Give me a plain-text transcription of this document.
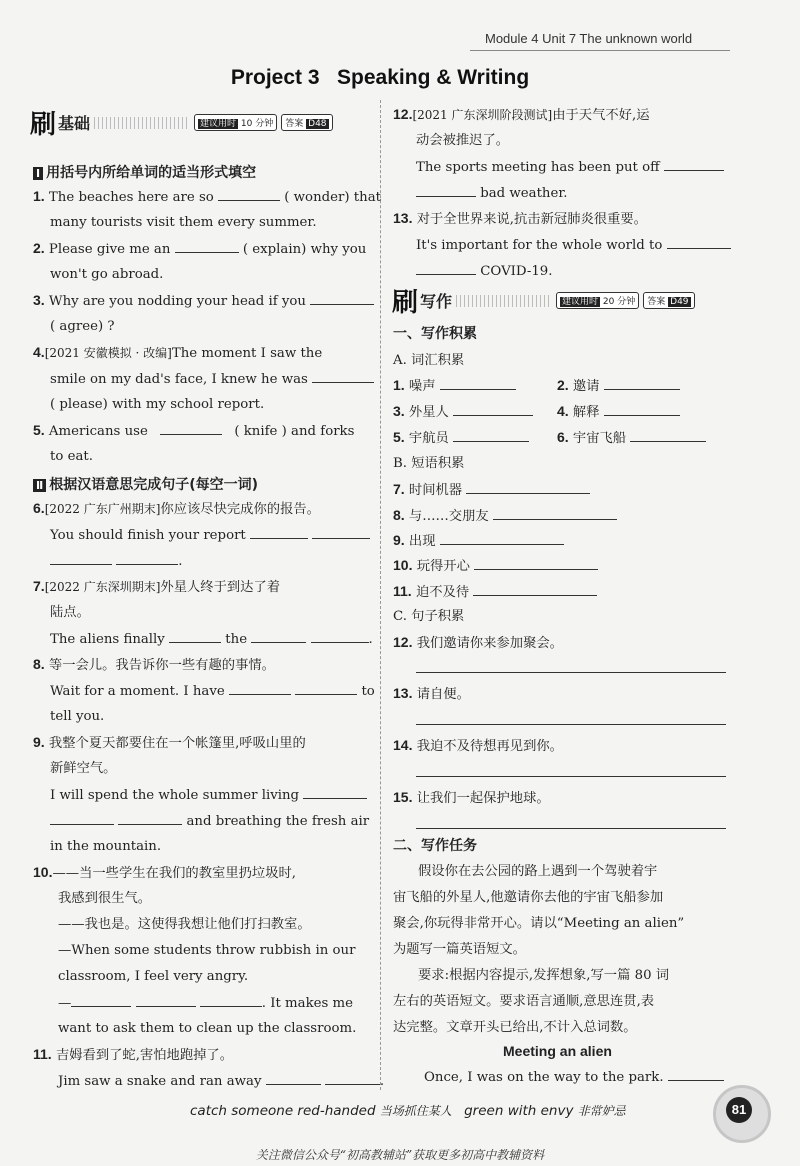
Module 4 Unit 7 The unknown world
Project 3   Speaking & Writing
刷 基础	建议用时 10 分钟	答案 D48
Ⅰ 用括号内所给单词的适当形式填空
1. The beaches here are so	( wonder) that
many tourists visit them every summer.
2. Please give me an	( explain) why you
won't go abroad.
3. Why are you nodding your head if you
( agree) ?
4.[2021 安徽模拟 · 改编]The moment I saw the
smile on my dad's face, I knew he was
( please) with my school report.
5. Americans use	( knife ) and forks
to eat.
Ⅱ 根据汉语意思完成句子(每空一词)
6.[2022 广东广州期末]你应该尽快完成你的报告。
You should finish your report
.
7.[2022 广东深圳期末]外星人终于到达了着
陆点。
The aliens finally	the	.
8. 等一会儿。我告诉你一些有趣的事情。
Wait for a moment. I have	to
tell you.
9. 我整个夏天都要住在一个帐篷里,呼吸山里的
新鲜空气。
I will spend the whole summer living
and breathing the fresh air
in the mountain.
10.——当一些学生在我们的教室里扔垃圾时,
我感到很生气。
——我也是。这使得我想让他们打扫教室。
—When some students throw rubbish in our
classroom, I feel very angry.
—	. It makes me
want to ask them to clean up the classroom.
11. 吉姆看到了蛇,害怕地跑掉了。
Jim saw a snake and ran away	.
12.[2021 广东深圳阶段测试]由于天气不好,运
动会被推迟了。
The sports meeting has been put off
bad weather.
13. 对于全世界来说,抗击新冠肺炎很重要。
It's important for the whole world to
COVID-19.
刷 写作	建议用时 20 分钟	答案 D49
一、写作积累
A. 词汇积累
1. 噪声	2. 邀请
3. 外星人	4. 解释
5. 宇航员	6. 宇宙飞船
B. 短语积累
7. 时间机器
8. 与……交朋友
9. 出现
10. 玩得开心
11. 迫不及待
C. 句子积累
12. 我们邀请你来参加聚会。
13. 请自便。
14. 我迫不及待想再见到你。
15. 让我们一起保护地球。
二、写作任务
假设你在去公园的路上遇到一个驾驶着宇
宙飞船的外星人,他邀请你去他的宇宙飞船参加
聚会,你玩得非常开心。请以“Meeting an alien”
为题写一篇英语短文。
要求:根据内容提示,发挥想象,写一篇 80 词
左右的英语短文。要求语言通顺,意思连贯,表
达完整。文章开头已给出,不计入总词数。
Meeting an alien
Once, I was on the way to the park.
catch someone red-handed 当场抓住某人 green with envy 非常妒忌	81
关注微信公众号“初高教辅站”获取更多初高中教辅资料
